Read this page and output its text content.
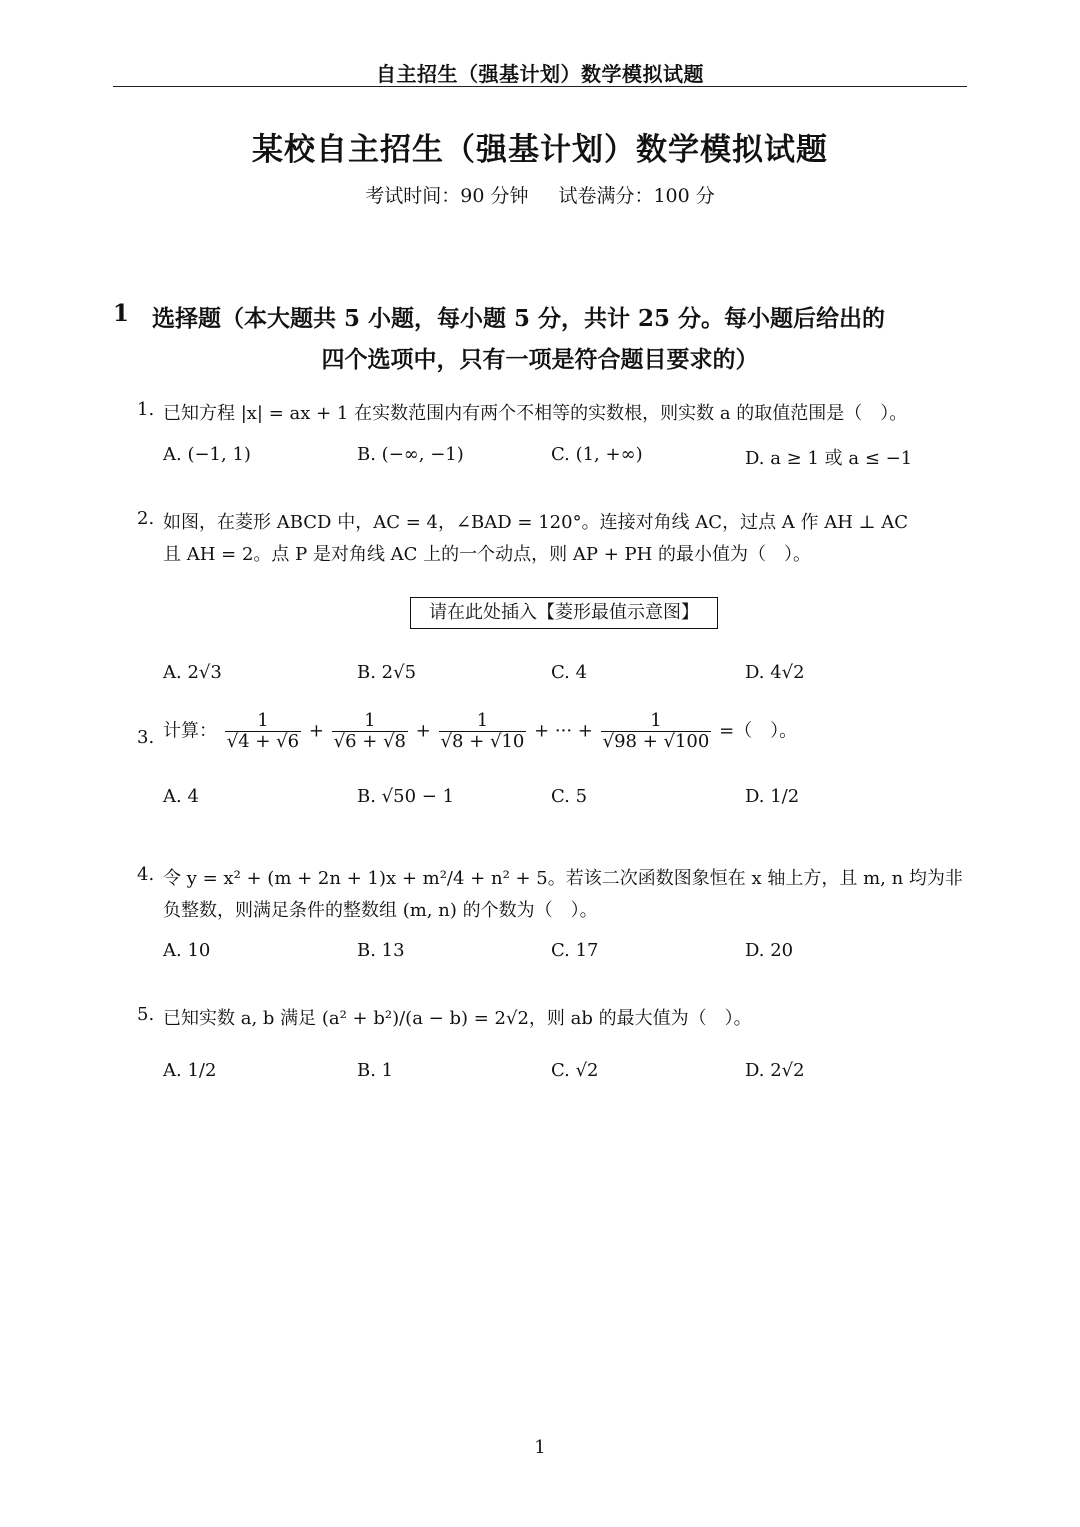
自主招生（强基计划）数学模拟试题
某校自主招生（强基计划）数学模拟试题
考试时间：90 分钟 试卷满分：100 分
1 选择题（本大题共 5 小题，每小题 5 分，共计 25 分。每小题后给出的
四个选项中，只有一项是符合题目要求的）
1. 已知方程 |x| = ax + 1 在实数范围内有两个不相等的实数根，则实数 a 的取值范围是（　）。
A. (−1, 1)	B. (−∞, −1)	C. (1, +∞)	D. a ≥ 1 或 a ≤ −1
2. 如图，在菱形 ABCD 中，AC = 4，∠BAD = 120°。连接对角线 AC，过点 A 作 AH ⊥ AC
且 AH = 2。点 P 是对角线 AC 上的一个动点，则 AP + PH 的最小值为（　）。
请在此处插入【菱形最值示意图】
A. 2√3	B. 2√5	C. 4	D. 4√2
3. 计算： $\frac{1}{√4 + √6} + \frac{1}{√6 + √8} + \frac{1}{√8 + √10}$ + ··· + $\frac{1}{√98 + √100}$ =（　）。
A. 4	B. √50 − 1	C. 5	D. 1/2
4. 令 y = x² + (m + 2n + 1)x + m²/4 + n² + 5。若该二次函数图象恒在 x 轴上方，且 m, n 均为非
负整数，则满足条件的整数组 (m, n) 的个数为（　）。
A. 10	B. 13	C. 17	D. 20
5. 已知实数 a, b 满足 (a² + b²)/(a − b) = 2√2，则 ab 的最大值为（　）。
A. 1/2	B. 1	C. √2	D. 2√2
1
